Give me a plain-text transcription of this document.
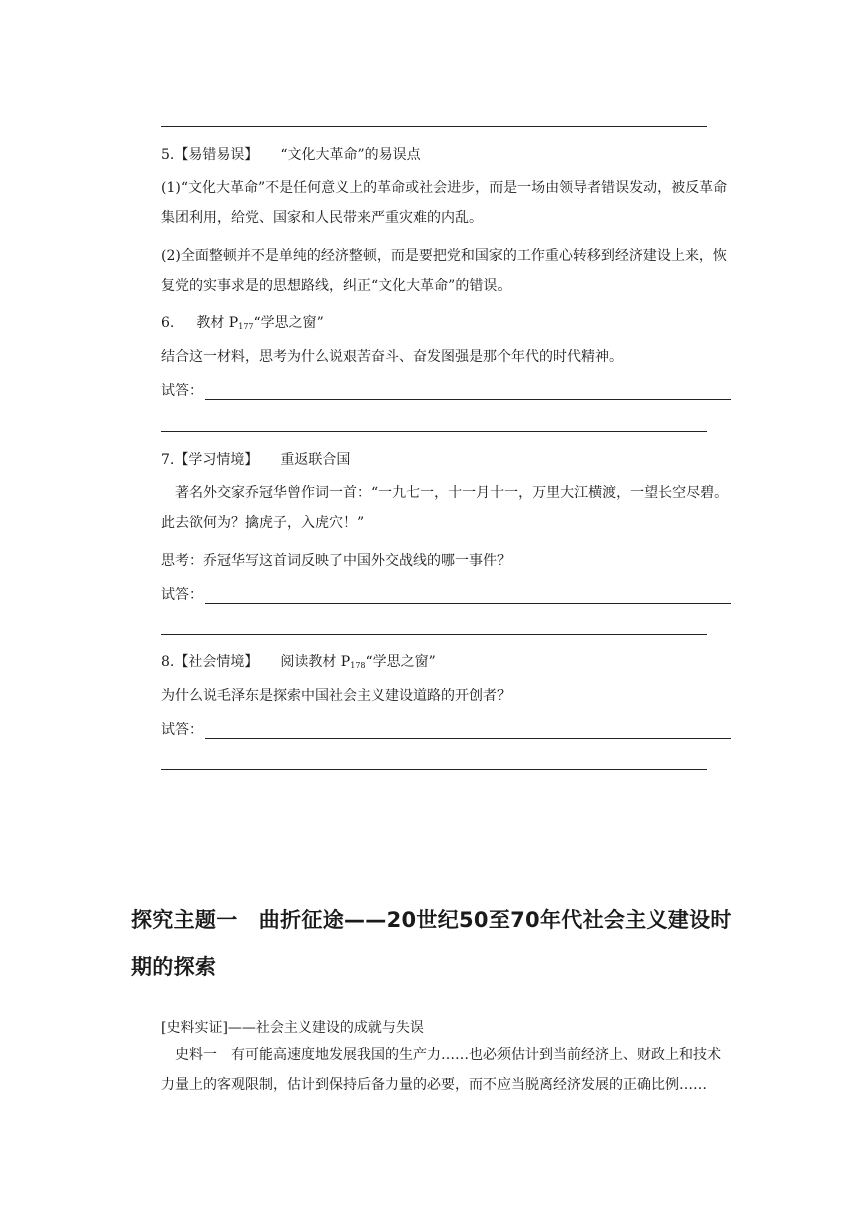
5.【易错易误】 “文化大革命”的易误点
(1)“文化大革命”不是任何意义上的革命或社会进步，而是一场由领导者错误发动，被反革命集团利用，给党、国家和人民带来严重灾难的内乱。
(2)全面整顿并不是单纯的经济整顿，而是要把党和国家的工作重心转移到经济建设上来，恢复党的实事求是的思想路线，纠正“文化大革命”的错误。
6. 教材 $P_{177}“$学思之窗”
结合这一材料，思考为什么说艰苦奋斗、奋发图强是那个年代的时代精神。
试答：
7.【学习情境】 重返联合国
著名外交家乔冠华曾作词一首：“一九七一，十一月十一，万里大江横渡，一望长空尽碧。此去欲何为？擒虎子，入虎穴！”
思考：乔冠华写这首词反映了中国外交战线的哪一事件？
试答：
8.【社会情境】 阅读教材 $P_{178}“$学思之窗”
为什么说毛泽东是探索中国社会主义建设道路的开创者？
试答：
探究主题一　曲折征途——20世纪50至70年代社会主义建设时期的探索
[史料实证]——社会主义建设的成就与失误
史料一　有可能高速度地发展我国的生产力……也必须估计到当前经济上、财政上和技术力量上的客观限制，估计到保持后备力量的必要，而不应当脱离经济发展的正确比例……
